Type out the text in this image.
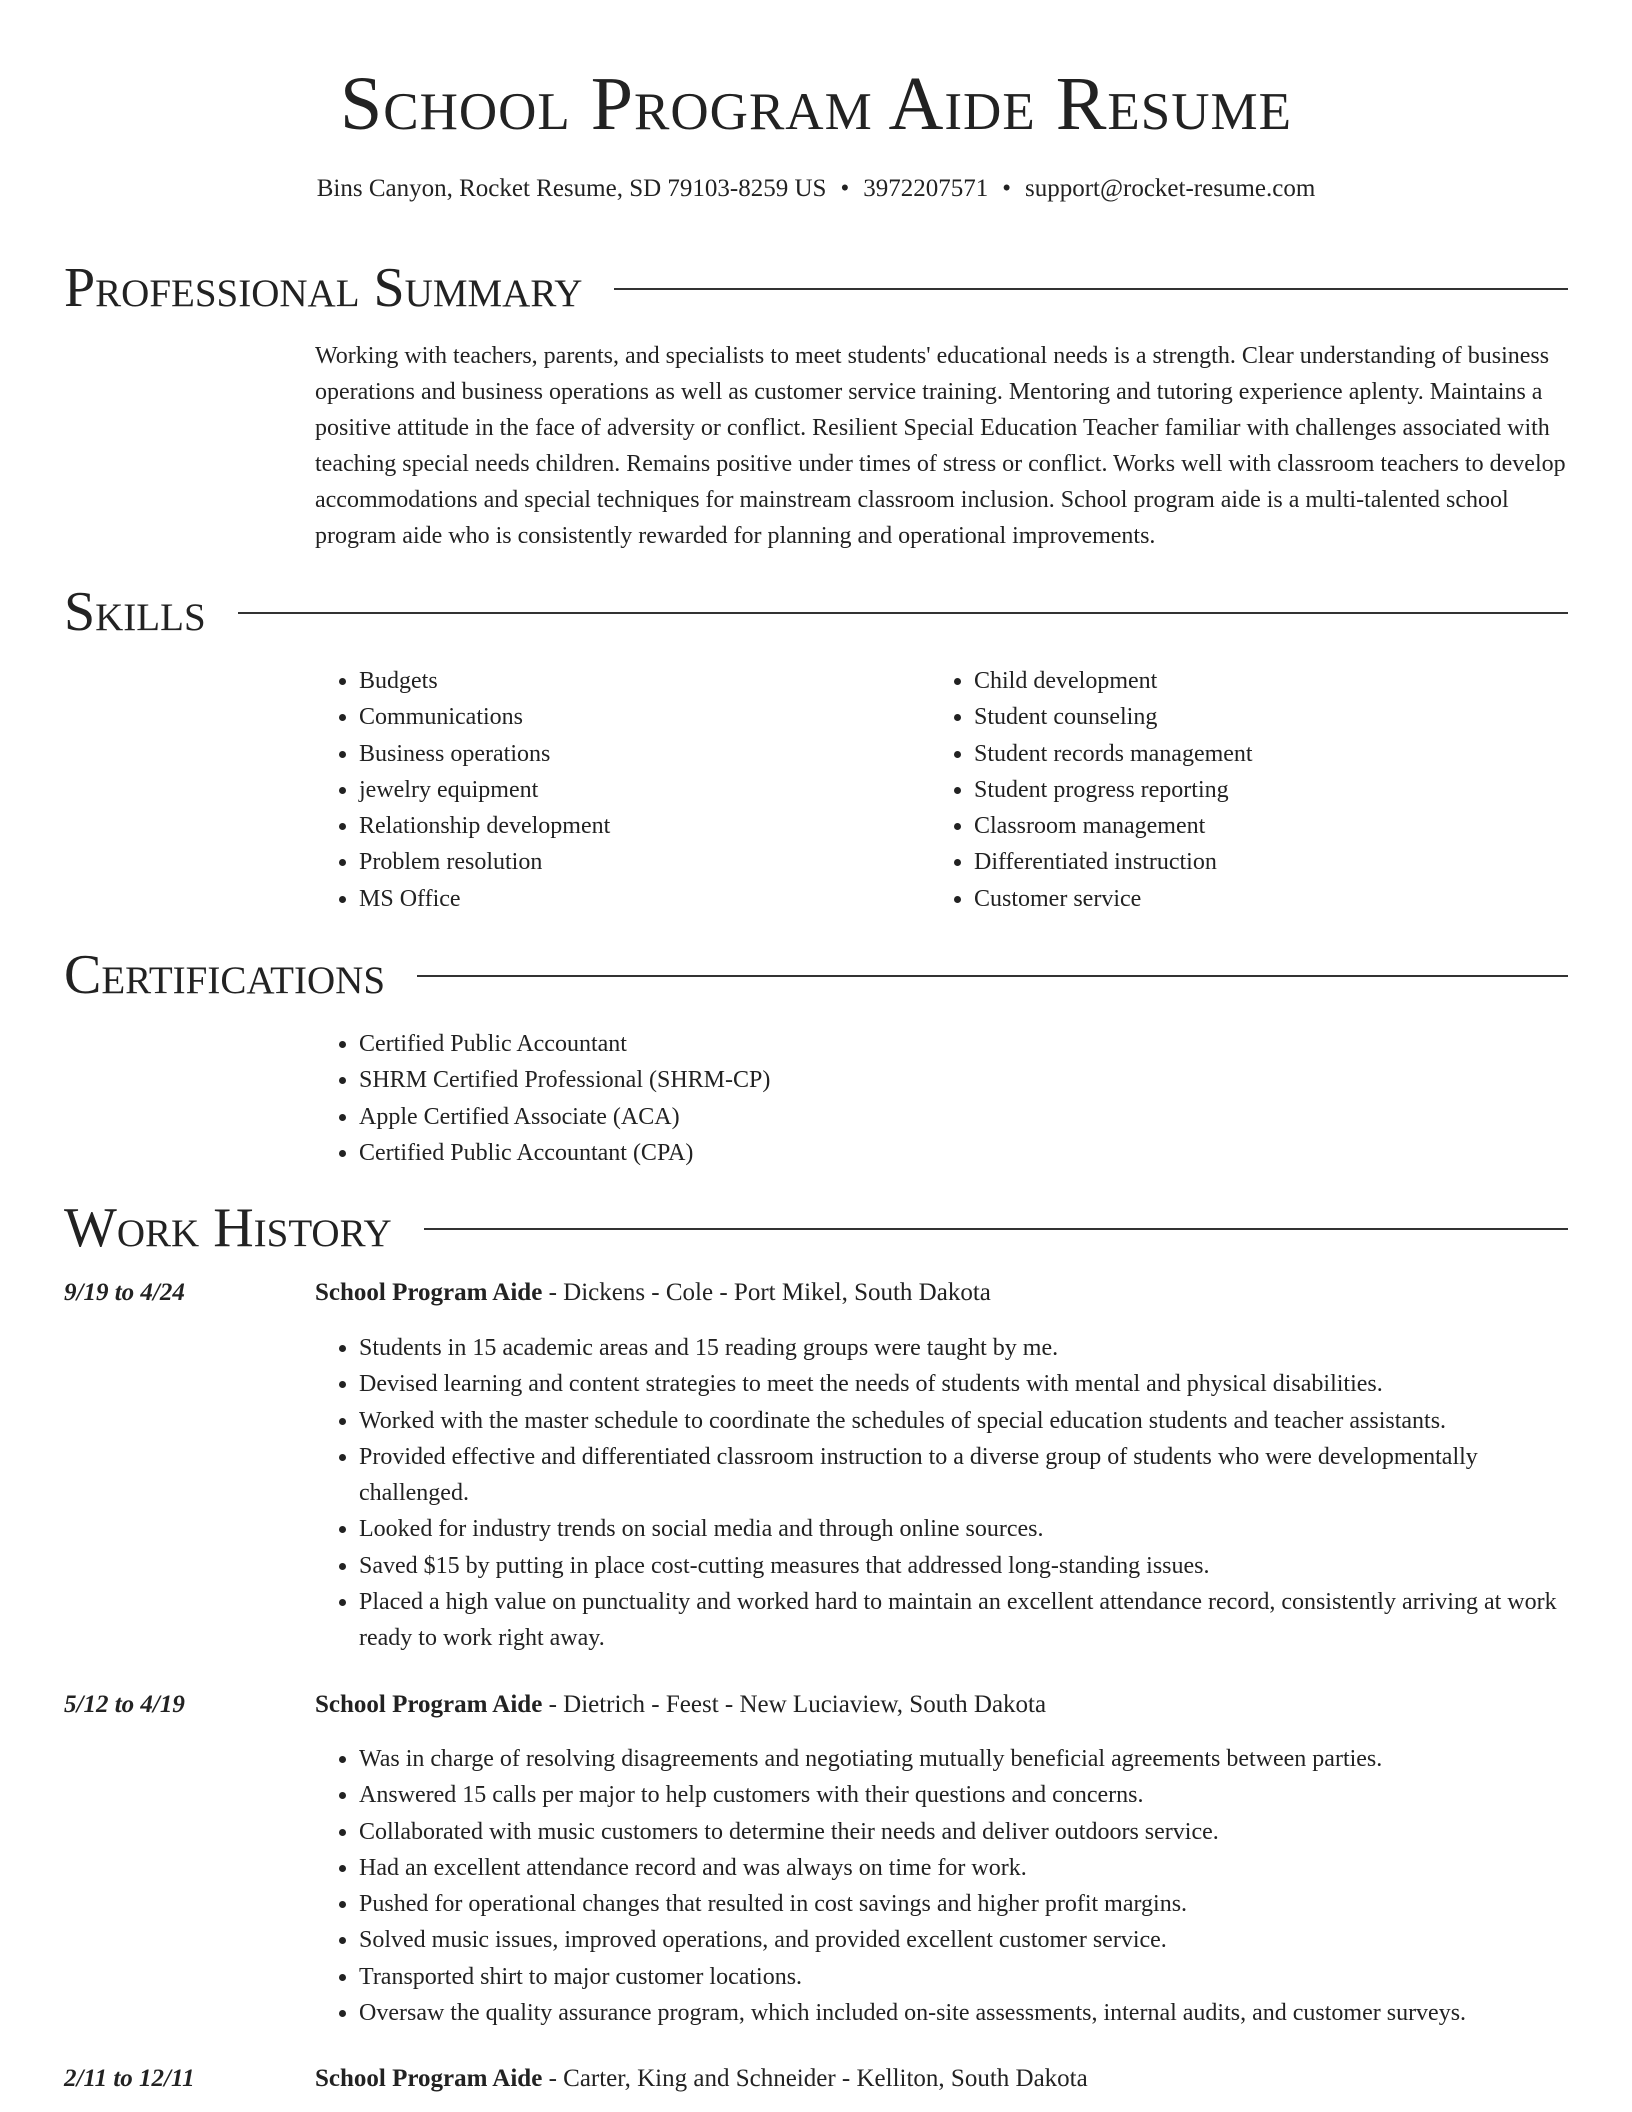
School Program Aide Resume
Bins Canyon, Rocket Resume, SD 79103-8259 US • 3972207571 • support@rocket-resume.com
Professional Summary

Working with teachers, parents, and specialists to meet students' educational needs is a strength. Clear understanding of business operations and business operations as well as customer service training. Mentoring and tutoring experience aplenty. Maintains a positive attitude in the face of adversity or conflict. Resilient Special Education Teacher familiar with challenges associated with teaching special needs children. Remains positive under times of stress or conflict. Works well with classroom teachers to develop accommodations and special techniques for mainstream classroom inclusion. School program aide is a multi-talented school program aide who is consistently rewarded for planning and operational improvements.

Skills
• Budgets
• Communications
• Business operations
• jewelry equipment
• Relationship development
• Problem resolution
• MS Office
• Child development
• Student counseling
• Student records management
• Student progress reporting
• Classroom management
• Differentiated instruction
• Customer service
Certifications
• Certified Public Accountant
• SHRM Certified Professional (SHRM-CP)
• Apple Certified Associate (ACA)
• Certified Public Accountant (CPA)
Work History
9/19 to 4/24	School Program Aide - Dickens - Cole - Port Mikel, South Dakota
• Students in 15 academic areas and 15 reading groups were taught by me.
• Devised learning and content strategies to meet the needs of students with mental and physical disabilities.
• Worked with the master schedule to coordinate the schedules of special education students and teacher assistants.
• Provided effective and differentiated classroom instruction to a diverse group of students who were developmentally challenged.
• Looked for industry trends on social media and through online sources.
• Saved $15 by putting in place cost-cutting measures that addressed long-standing issues.
• Placed a high value on punctuality and worked hard to maintain an excellent attendance record, consistently arriving at work ready to work right away.
5/12 to 4/19	School Program Aide - Dietrich - Feest - New Luciaview, South Dakota
• Was in charge of resolving disagreements and negotiating mutually beneficial agreements between parties.
• Answered 15 calls per major to help customers with their questions and concerns.
• Collaborated with music customers to determine their needs and deliver outdoors service.
• Had an excellent attendance record and was always on time for work.
• Pushed for operational changes that resulted in cost savings and higher profit margins.
• Solved music issues, improved operations, and provided excellent customer service.
• Transported shirt to major customer locations.
• Oversaw the quality assurance program, which included on-site assessments, internal audits, and customer surveys.
2/11 to 12/11	School Program Aide - Carter, King and Schneider - Kelliton, South Dakota
